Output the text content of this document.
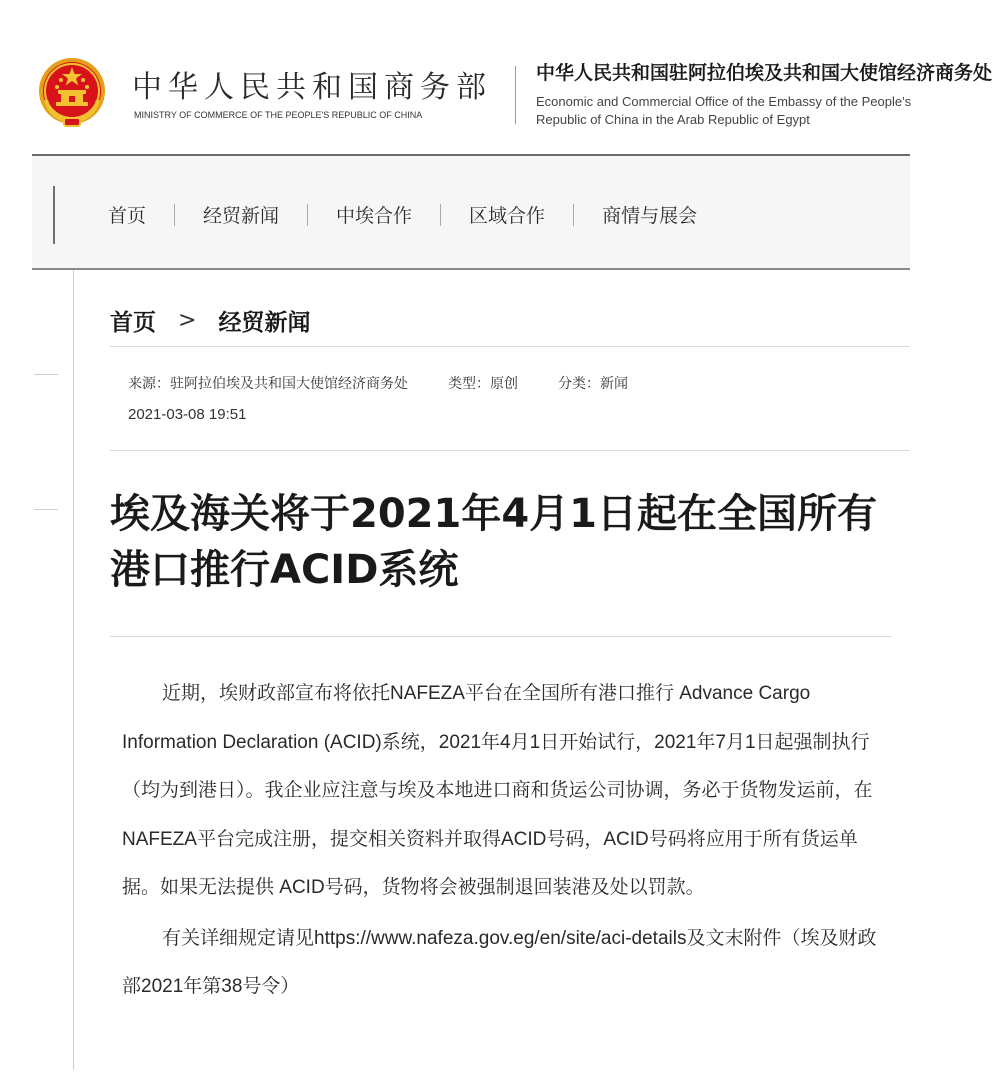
中华人民共和国商务部
MINISTRY OF COMMERCE OF THE PEOPLE'S REPUBLIC OF CHINA
中华人民共和国驻阿拉伯埃及共和国大使馆经济商务处
Economic and Commercial Office of the Embassy of the People's Republic of China in the Arab Republic of Egypt
首页	经贸新闻	中埃合作	区域合作	商情与展会
首页 > 经贸新闻
来源：驻阿拉伯埃及共和国大使馆经济商务处	类型：原创	分类：新闻
2021-03-08 19:51
埃及海关将于2021年4月1日起在全国所有港口推行ACID系统

近期，埃财政部宣布将依托NAFEZA平台在全国所有港口推行 Advance Cargo Information Declaration (ACID)系统，2021年4月1日开始试行，2021年7月1日起强制执行（均为到港日）。我企业应注意与埃及本地进口商和货运公司协调，务必于货物发运前，在NAFEZA平台完成注册，提交相关资料并取得ACID号码，ACID号码将应用于所有货运单据。如果无法提供 ACID号码，货物将会被强制退回装港及处以罚款。

有关详细规定请见https://www.nafeza.gov.eg/en/site/aci-details及文末附件（埃及财政部2021年第38号令）
